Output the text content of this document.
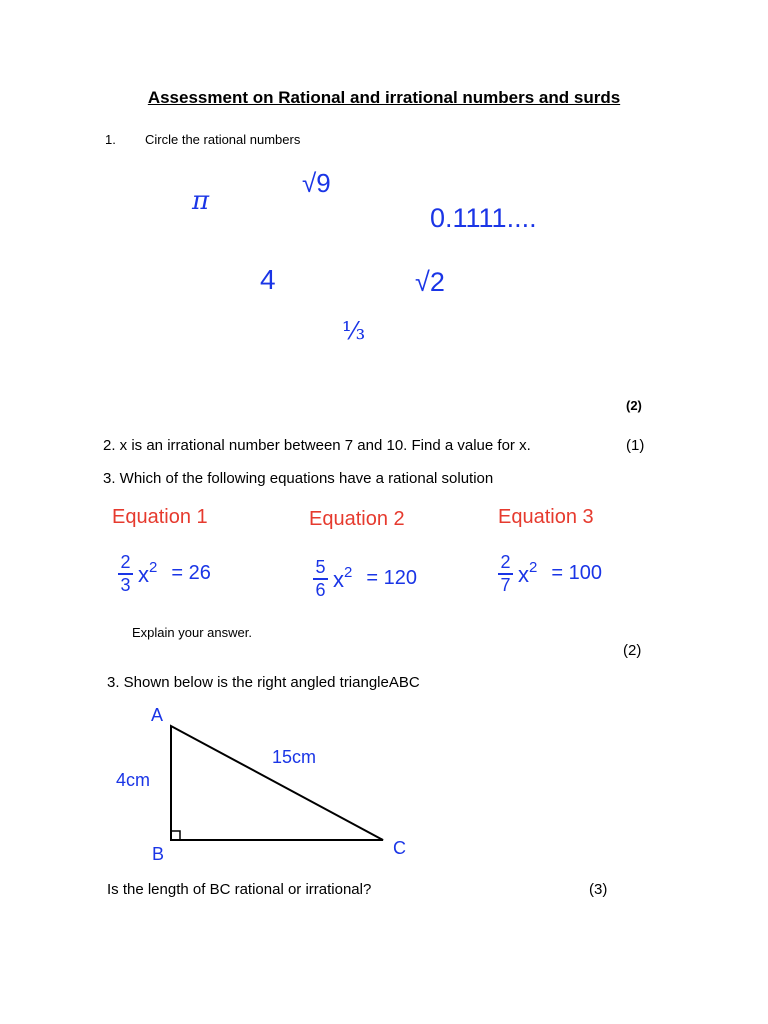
Assessment on Rational and irrational numbers and surds
1. Circle the rational numbers
π
√9
0.1111....
4	√2
⅓
(2)
2. x is an irrational number between 7 and 10. Find a value for x.	(1)
3. Which of the following equations have a rational solution
Equation 1	Equation 2	Equation 3
$\frac{2}{3} x^2 = 26$	$\frac{5}{6} x^2 = 120$	$\frac{2}{7} x^2 = 100$
Explain your answer.
(2)
3. Shown below is the right angled triangleABC
A
B	C
4cm
15cm
Is the length of BC rational or irrational?	(3)
